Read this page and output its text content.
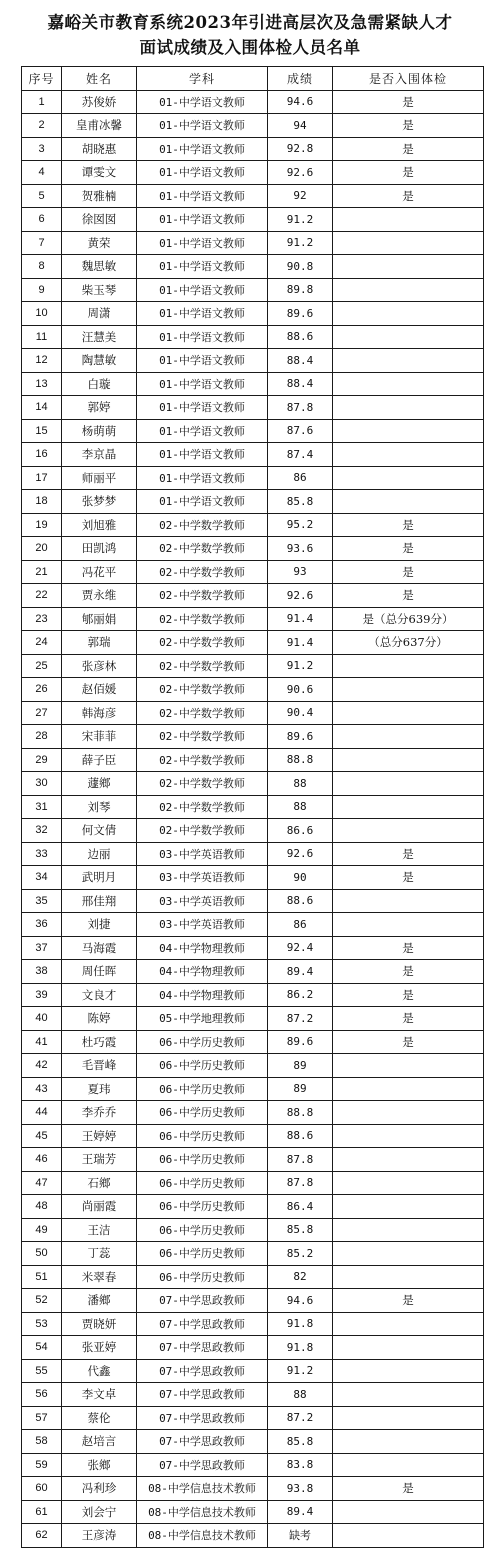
嘉峪关市教育系统2023年引进高层次及急需紧缺人才
面试成绩及入围体检人员名单
序号	姓名	学科	成绩	是否入围体检
1	苏俊娇	01-中学语文教师	94.6	是
2	皇甫冰馨	01-中学语文教师	94	是
3	胡晓惠	01-中学语文教师	92.8	是
4	谭雯文	01-中学语文教师	92.6	是
5	贺雅楠	01-中学语文教师	92	是
6	徐囡囡	01-中学语文教师	91.2	
7	黄荣	01-中学语文教师	91.2	
8	魏思敏	01-中学语文教师	90.8	
9	柴玉琴	01-中学语文教师	89.8	
10	周潇	01-中学语文教师	89.6	
11	汪慧美	01-中学语文教师	88.6	
12	陶慧敏	01-中学语文教师	88.4	
13	白璇	01-中学语文教师	88.4	
14	郭婷	01-中学语文教师	87.8	
15	杨萌萌	01-中学语文教师	87.6	
16	李京晶	01-中学语文教师	87.4	
17	师丽平	01-中学语文教师	86	
18	张梦梦	01-中学语文教师	85.8	
19	刘旭雅	02-中学数学教师	95.2	是
20	田凯鸿	02-中学数学教师	93.6	是
21	冯花平	02-中学数学教师	93	是
22	贾永维	02-中学数学教师	92.6	是
23	郇丽娟	02-中学数学教师	91.4	是（总分639分）
24	郭瑞	02-中学数学教师	91.4	（总分637分）
25	张彦林	02-中学数学教师	91.2	
26	赵佰媛	02-中学数学教师	90.6	
27	韩海彦	02-中学数学教师	90.4	
28	宋菲菲	02-中学数学教师	89.6	
29	薛子臣	02-中学数学教师	88.8	
30	蘧鄉	02-中学数学教师	88	
31	刘琴	02-中学数学教师	88	
32	何文倩	02-中学数学教师	86.6	
33	边丽	03-中学英语教师	92.6	是
34	武明月	03-中学英语教师	90	是
35	邢佳翔	03-中学英语教师	88.6	
36	刘捷	03-中学英语教师	86	
37	马海霞	04-中学物理教师	92.4	是
38	周任晖	04-中学物理教师	89.4	是
39	文良才	04-中学物理教师	86.2	是
40	陈婷	05-中学地理教师	87.2	是
41	杜巧霞	06-中学历史教师	89.6	是
42	毛晋峰	06-中学历史教师	89	
43	夏玮	06-中学历史教师	89	
44	李乔乔	06-中学历史教师	88.8	
45	王婷婷	06-中学历史教师	88.6	
46	王瑞芳	06-中学历史教师	87.8	
47	石鄉	06-中学历史教师	87.8	
48	尚丽霞	06-中学历史教师	86.4	
49	王洁	06-中学历史教师	85.8	
50	丁蕊	06-中学历史教师	85.2	
51	米翠春	06-中学历史教师	82	
52	潘鄉	07-中学思政教师	94.6	是
53	贾晓妍	07-中学思政教师	91.8	
54	张亚婷	07-中学思政教师	91.8	
55	代鑫	07-中学思政教师	91.2	
56	李文卓	07-中学思政教师	88	
57	蔡伦	07-中学思政教师	87.2	
58	赵培言	07-中学思政教师	85.8	
59	张鄉	07-中学思政教师	83.8	
60	冯利珍	08-中学信息技术教师	93.8	是
61	刘会宁	08-中学信息技术教师	89.4	
62	王彦涛	08-中学信息技术教师	缺考	
